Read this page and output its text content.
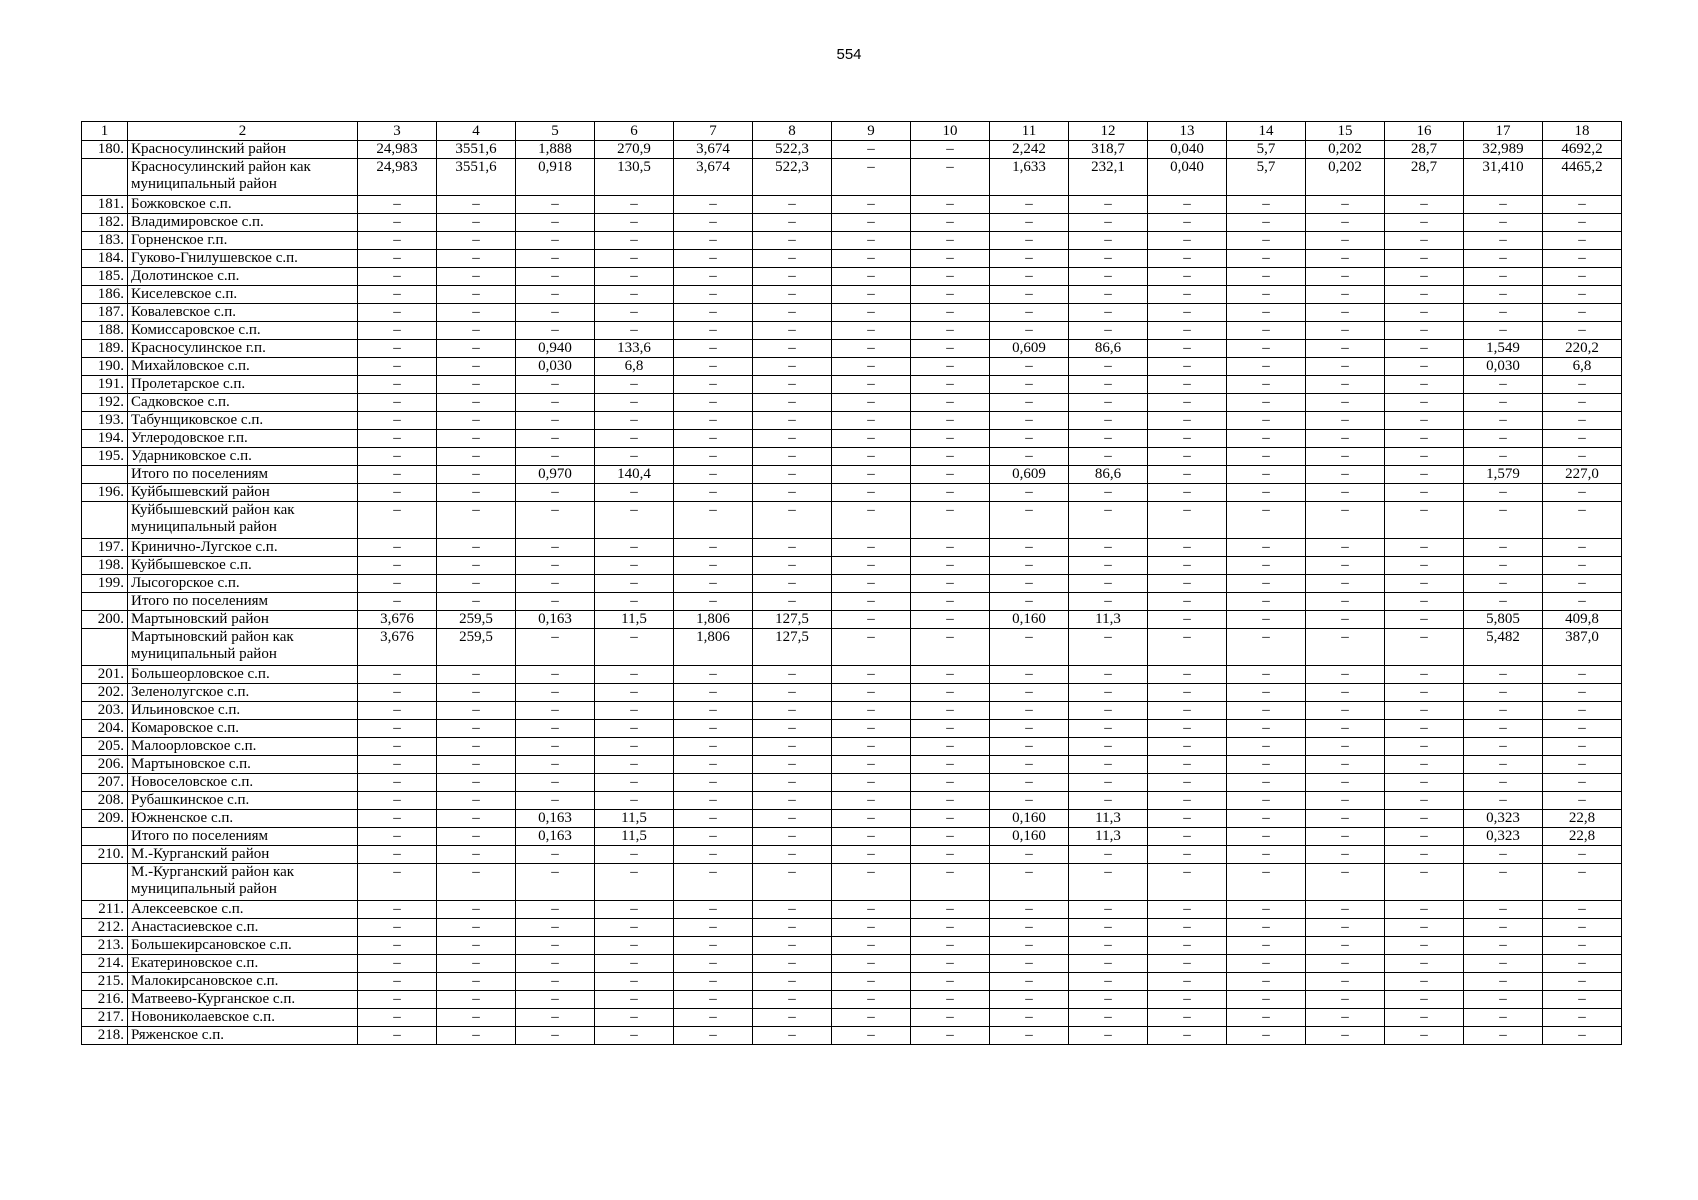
554
1	2	3	4	5	6	7	8	9	10	11	12	13	14	15	16	17	18
180.	Красносулинский район	24,983	3551,6	1,888	270,9	3,674	522,3	–	–	2,242	318,7	0,040	5,7	0,202	28,7	32,989	4692,2
	Красносулинский район как муниципальный район	24,983	3551,6	0,918	130,5	3,674	522,3	–	–	1,633	232,1	0,040	5,7	0,202	28,7	31,410	4465,2
181.	Божковское с.п.	–	–	–	–	–	–	–	–	–	–	–	–	–	–	–	–
182.	Владимировское с.п.	–	–	–	–	–	–	–	–	–	–	–	–	–	–	–	–
183.	Горненское г.п.	–	–	–	–	–	–	–	–	–	–	–	–	–	–	–	–
184.	Гуково-Гнилушевское с.п.	–	–	–	–	–	–	–	–	–	–	–	–	–	–	–	–
185.	Долотинское с.п.	–	–	–	–	–	–	–	–	–	–	–	–	–	–	–	–
186.	Киселевское с.п.	–	–	–	–	–	–	–	–	–	–	–	–	–	–	–	–
187.	Ковалевское с.п.	–	–	–	–	–	–	–	–	–	–	–	–	–	–	–	–
188.	Комиссаровское с.п.	–	–	–	–	–	–	–	–	–	–	–	–	–	–	–	–
189.	Красносулинское г.п.	–	–	0,940	133,6	–	–	–	–	0,609	86,6	–	–	–	–	1,549	220,2
190.	Михайловское с.п.	–	–	0,030	6,8	–	–	–	–	–	–	–	–	–	–	0,030	6,8
191.	Пролетарское с.п.	–	–	–	–	–	–	–	–	–	–	–	–	–	–	–	–
192.	Садковское с.п.	–	–	–	–	–	–	–	–	–	–	–	–	–	–	–	–
193.	Табунщиковское с.п.	–	–	–	–	–	–	–	–	–	–	–	–	–	–	–	–
194.	Углеродовское г.п.	–	–	–	–	–	–	–	–	–	–	–	–	–	–	–	–
195.	Ударниковское с.п.	–	–	–	–	–	–	–	–	–	–	–	–	–	–	–	–
	Итого по поселениям	–	–	0,970	140,4	–	–	–	–	0,609	86,6	–	–	–	–	1,579	227,0
196.	Куйбышевский район	–	–	–	–	–	–	–	–	–	–	–	–	–	–	–	–
	Куйбышевский район как муниципальный район	–	–	–	–	–	–	–	–	–	–	–	–	–	–	–	–
197.	Кринично-Лугское с.п.	–	–	–	–	–	–	–	–	–	–	–	–	–	–	–	–
198.	Куйбышевское с.п.	–	–	–	–	–	–	–	–	–	–	–	–	–	–	–	–
199.	Лысогорское с.п.	–	–	–	–	–	–	–	–	–	–	–	–	–	–	–	–
	Итого по поселениям	–	–	–	–	–	–	–	–	–	–	–	–	–	–	–	–
200.	Мартыновский район	3,676	259,5	0,163	11,5	1,806	127,5	–	–	0,160	11,3	–	–	–	–	5,805	409,8
	Мартыновский район как муниципальный район	3,676	259,5	–	–	1,806	127,5	–	–	–	–	–	–	–	–	5,482	387,0
201.	Большеорловское с.п.	–	–	–	–	–	–	–	–	–	–	–	–	–	–	–	–
202.	Зеленолугское с.п.	–	–	–	–	–	–	–	–	–	–	–	–	–	–	–	–
203.	Ильиновское с.п.	–	–	–	–	–	–	–	–	–	–	–	–	–	–	–	–
204.	Комаровское с.п.	–	–	–	–	–	–	–	–	–	–	–	–	–	–	–	–
205.	Малоорловское с.п.	–	–	–	–	–	–	–	–	–	–	–	–	–	–	–	–
206.	Мартыновское с.п.	–	–	–	–	–	–	–	–	–	–	–	–	–	–	–	–
207.	Новоселовское с.п.	–	–	–	–	–	–	–	–	–	–	–	–	–	–	–	–
208.	Рубашкинское с.п.	–	–	–	–	–	–	–	–	–	–	–	–	–	–	–	–
209.	Южненское с.п.	–	–	0,163	11,5	–	–	–	–	0,160	11,3	–	–	–	–	0,323	22,8
	Итого по поселениям	–	–	0,163	11,5	–	–	–	–	0,160	11,3	–	–	–	–	0,323	22,8
210.	М.-Курганский район	–	–	–	–	–	–	–	–	–	–	–	–	–	–	–	–
	М.-Курганский район как муниципальный район	–	–	–	–	–	–	–	–	–	–	–	–	–	–	–	–
211.	Алексеевское с.п.	–	–	–	–	–	–	–	–	–	–	–	–	–	–	–	–
212.	Анастасиевское с.п.	–	–	–	–	–	–	–	–	–	–	–	–	–	–	–	–
213.	Большекирсановское с.п.	–	–	–	–	–	–	–	–	–	–	–	–	–	–	–	–
214.	Екатериновское с.п.	–	–	–	–	–	–	–	–	–	–	–	–	–	–	–	–
215.	Малокирсановское с.п.	–	–	–	–	–	–	–	–	–	–	–	–	–	–	–	–
216.	Матвеево-Курганское с.п.	–	–	–	–	–	–	–	–	–	–	–	–	–	–	–	–
217.	Новониколаевское с.п.	–	–	–	–	–	–	–	–	–	–	–	–	–	–	–	–
218.	Ряженское с.п.	–	–	–	–	–	–	–	–	–	–	–	–	–	–	–	–
